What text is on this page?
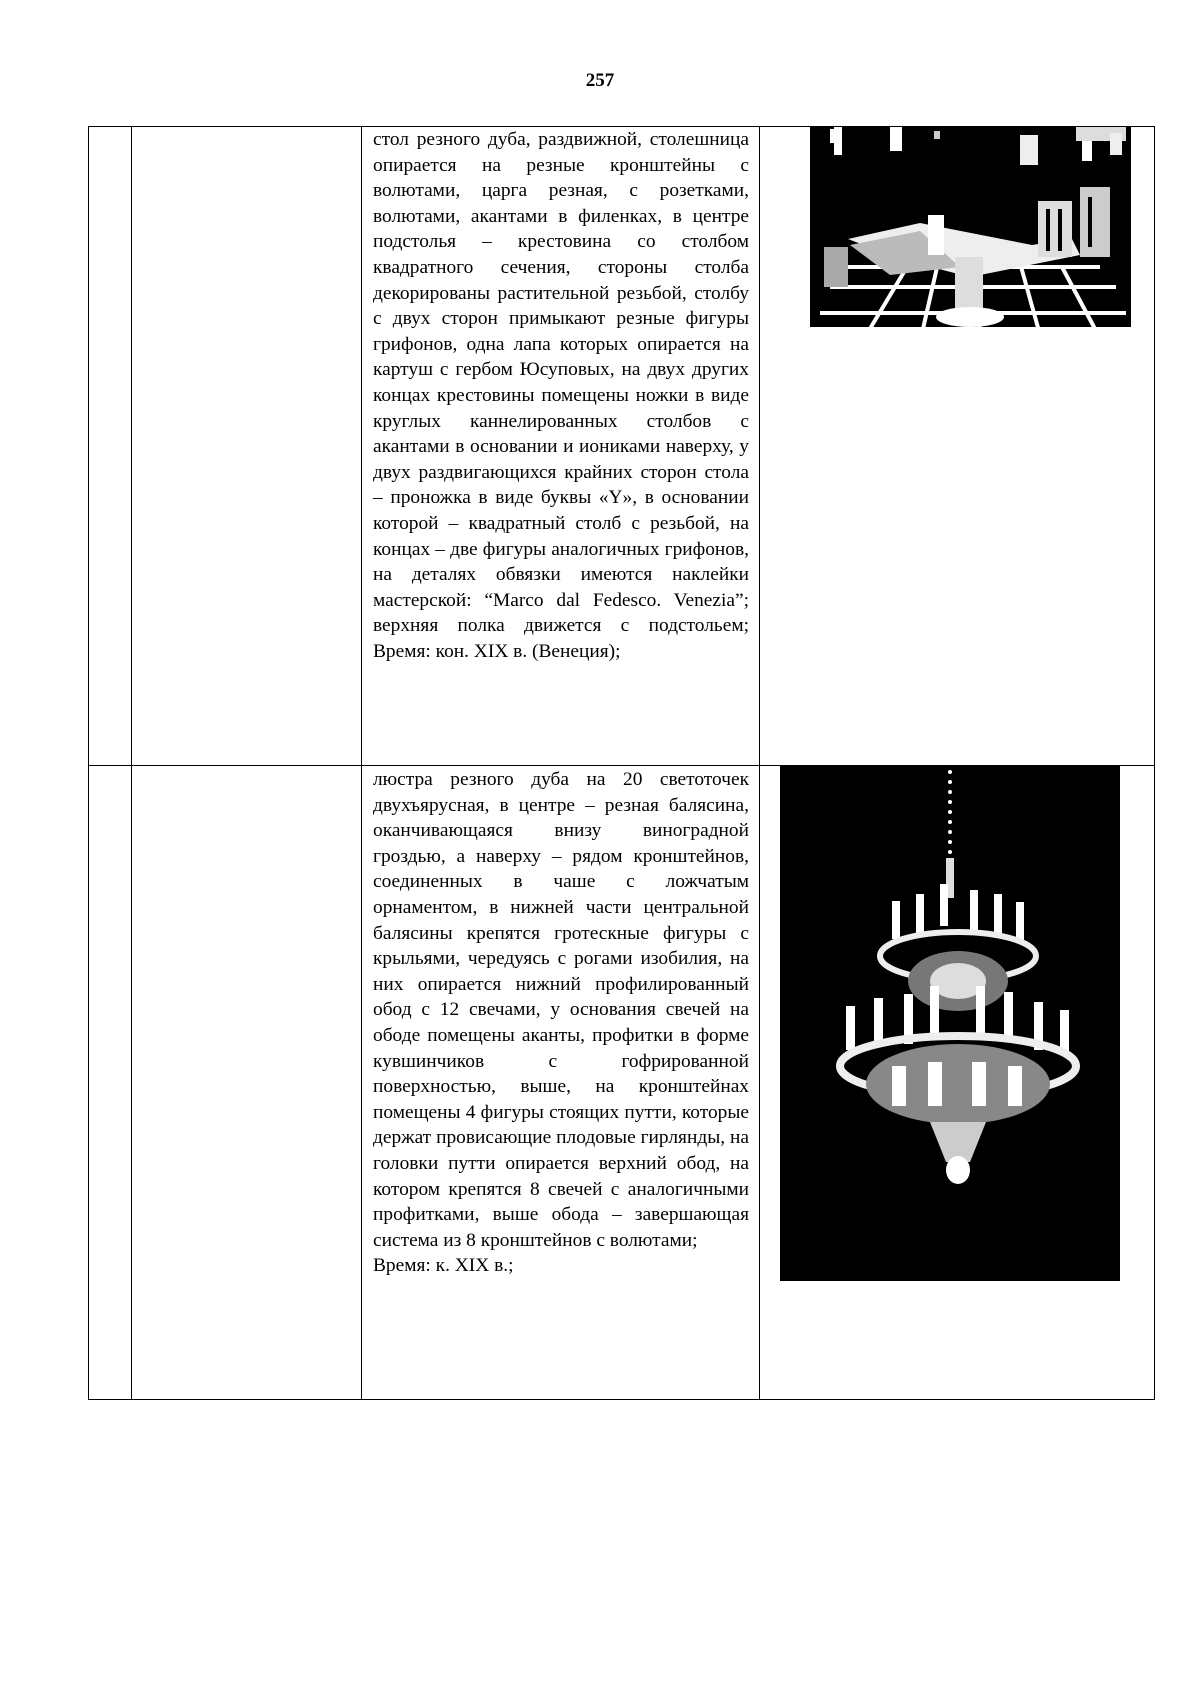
257

		стол резного дуба, раздвижной, столешница опирается на резные кронштейны с волютами, царга резная, с розетками, волютами, акантами в филенках, в центре подстолья – крестовина со столбом квадратного сечения, стороны столба декорированы растительной резьбой, столбу с двух сторон примыкают резные фигуры грифонов, одна лапа которых опирается на картуш с гербом Юсуповых, на двух других концах крестовины помещены ножки в виде круглых каннелированных столбов с акантами в основании и иониками наверху, у двух раздвигающихся крайних сторон стола – проножка в виде буквы «Y», в основании которой – квадратный столб с резьбой, на концах – две фигуры аналогичных грифонов, на деталях обвязки имеются наклейки мастерской: “Marco dal Fedesco. Venezia”; верхняя полка движется с подстольем; Время: кон. XIX в. (Венеция);

		люстра резного дуба на 20 светоточек двухъярусная, в центре – резная балясина, оканчивающаяся внизу виноградной гроздью, а наверху – рядом кронштейнов, соединенных в чаше с ложчатым орнаментом, в нижней части центральной балясины крепятся гротескные фигуры с крыльями, чередуясь с рогами изобилия, на них опирается нижний профилированный обод с 12 свечами, у основания свечей на ободе помещены аканты, профитки в форме кувшинчиков с гофрированной поверхностью, выше, на кронштейнах помещены 4 фигуры стоящих путти, которые держат провисающие плодовые гирлянды, на головки путти опирается верхний обод, на котором крепятся 8 свечей с аналогичными профитками, выше обода – завершающая система из 8 кронштейнов с волютами;

Время: к. XIX в.;
